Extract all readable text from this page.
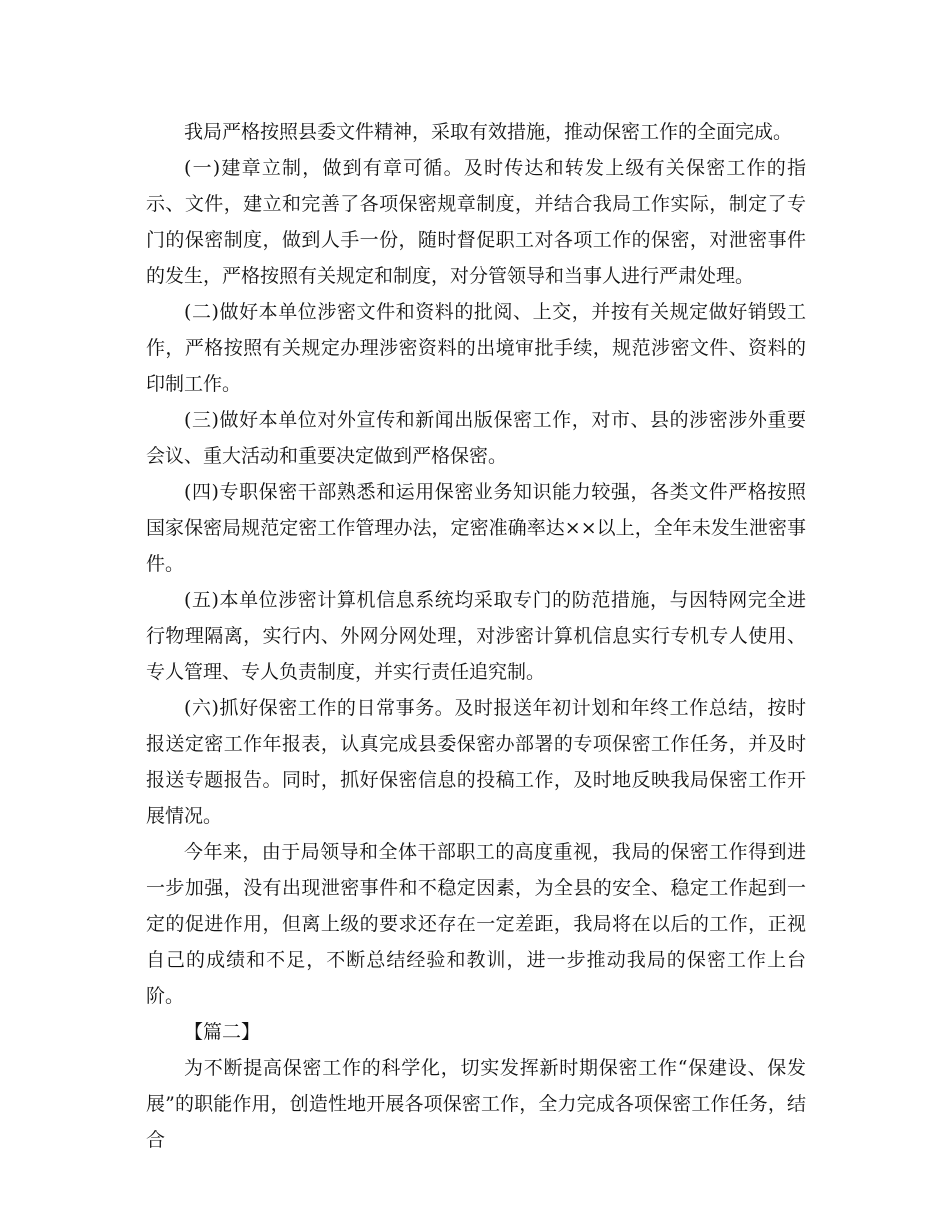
我局严格按照县委文件精神，采取有效措施，推动保密工作的全面完成。

(一)建章立制，做到有章可循。及时传达和转发上级有关保密工作的指示、文件，建立和完善了各项保密规章制度，并结合我局工作实际，制定了专门的保密制度，做到人手一份，随时督促职工对各项工作的保密，对泄密事件的发生，严格按照有关规定和制度，对分管领导和当事人进行严肃处理。

(二)做好本单位涉密文件和资料的批阅、上交，并按有关规定做好销毁工作，严格按照有关规定办理涉密资料的出境审批手续，规范涉密文件、资料的印制工作。

(三)做好本单位对外宣传和新闻出版保密工作，对市、县的涉密涉外重要会议、重大活动和重要决定做到严格保密。

(四)专职保密干部熟悉和运用保密业务知识能力较强，各类文件严格按照国家保密局规范定密工作管理办法，定密准确率达××以上，全年未发生泄密事件。

(五)本单位涉密计算机信息系统均采取专门的防范措施，与因特网完全进行物理隔离，实行内、外网分网处理，对涉密计算机信息实行专机专人使用、专人管理、专人负责制度，并实行责任追究制。

(六)抓好保密工作的日常事务。及时报送年初计划和年终工作总结，按时报送定密工作年报表，认真完成县委保密办部署的专项保密工作任务，并及时报送专题报告。同时，抓好保密信息的投稿工作，及时地反映我局保密工作开展情况。

今年来，由于局领导和全体干部职工的高度重视，我局的保密工作得到进一步加强，没有出现泄密事件和不稳定因素，为全县的安全、稳定工作起到一定的促进作用，但离上级的要求还存在一定差距，我局将在以后的工作，正视自己的成绩和不足，不断总结经验和教训，进一步推动我局的保密工作上台阶。

【篇二】

为不断提高保密工作的科学化，切实发挥新时期保密工作“保建设、保发展”的职能作用，创造性地开展各项保密工作，全力完成各项保密工作任务，结合
